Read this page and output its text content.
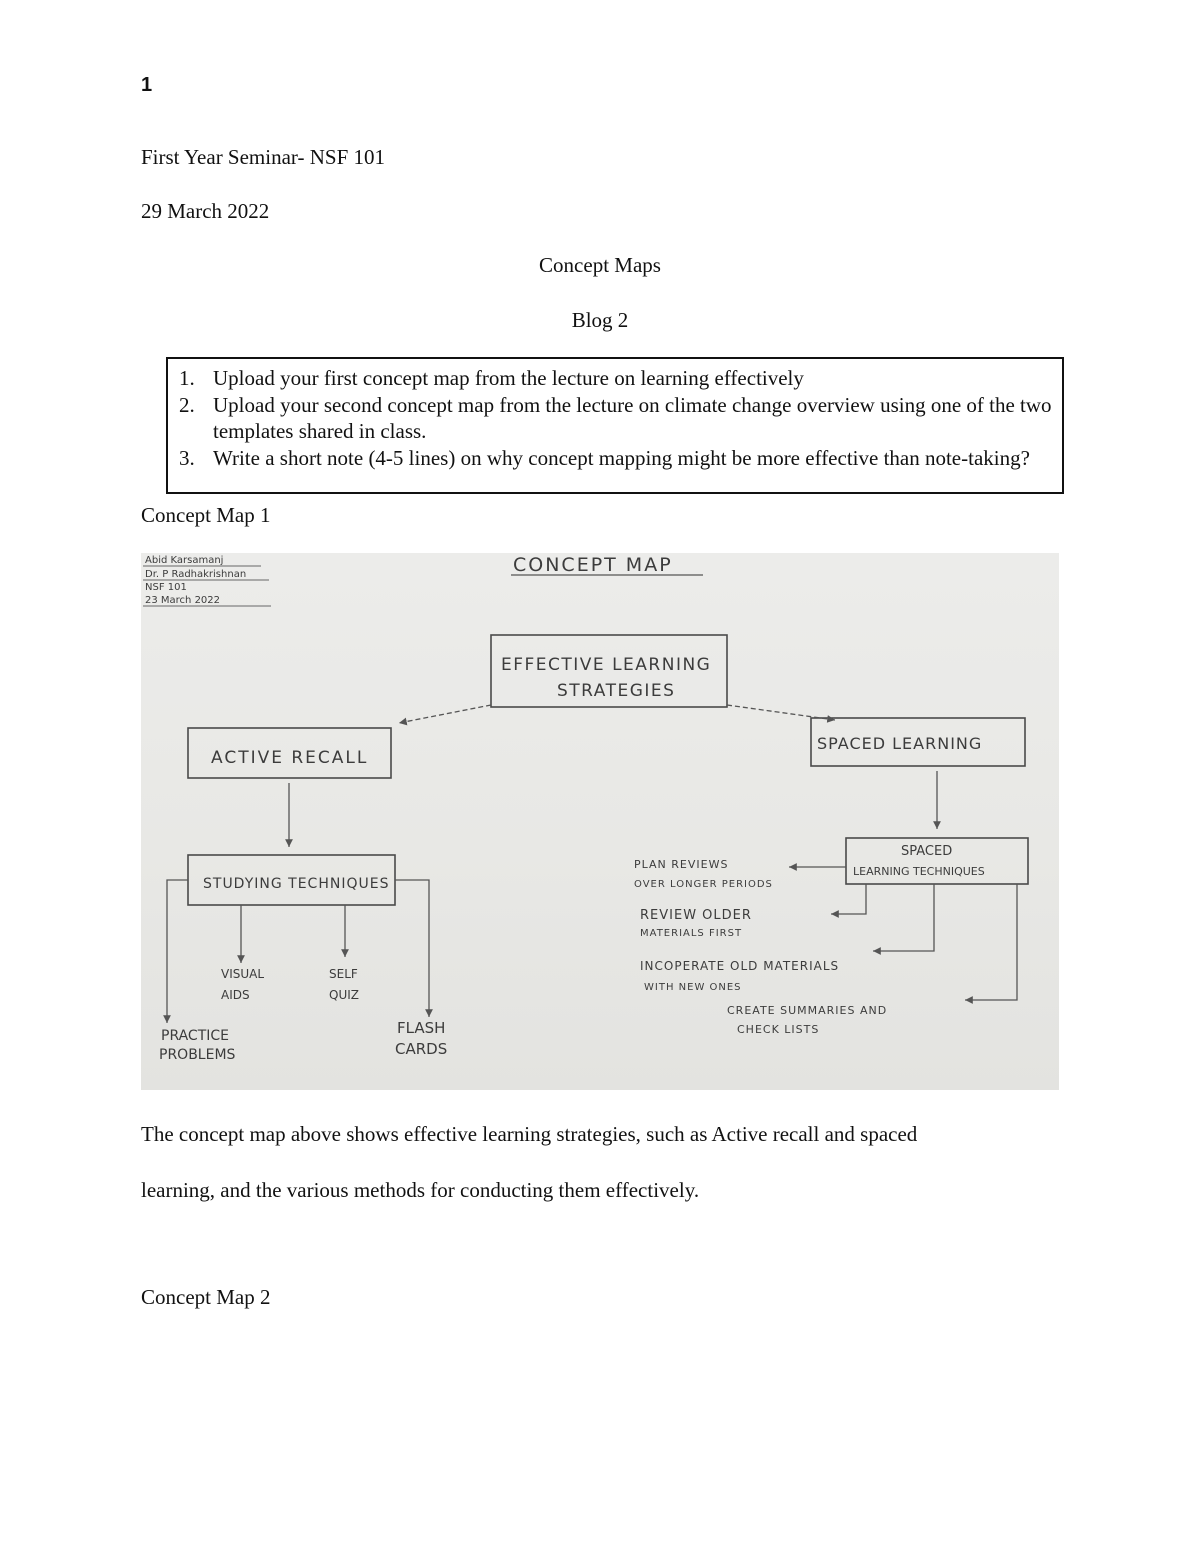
1
First Year Seminar- NSF 101
29 March 2022
Concept Maps
Blog 2
1. Upload your first concept map from the lecture on learning effectively
2. Upload your second concept map from the lecture on climate change overview using one of the two templates shared in class.
3. Write a short note (4-5 lines) on why concept mapping might be more effective than note-taking?
Concept Map 1
Abid Karsamanj
Dr. P Radhakrishnan
NSF 101
23 March 2022
CONCEPT MAP
EFFECTIVE LEARNING
STRATEGIES
ACTIVE RECALL
SPACED LEARNING
STUDYING TECHNIQUES
VISUAL
AIDS
SELF
QUIZ
PRACTICE
PROBLEMS
FLASH
CARDS
SPACED
LEARNING TECHNIQUES
PLAN REVIEWS
OVER LONGER PERIODS
REVIEW OLDER
MATERIALS FIRST
INCOPERATE OLD MATERIALS
WITH NEW ONES
CREATE SUMMARIES AND
CHECK LISTS
The concept map above shows effective learning strategies, such as Active recall and spaced
learning, and the various methods for conducting them effectively.
Concept Map 2
